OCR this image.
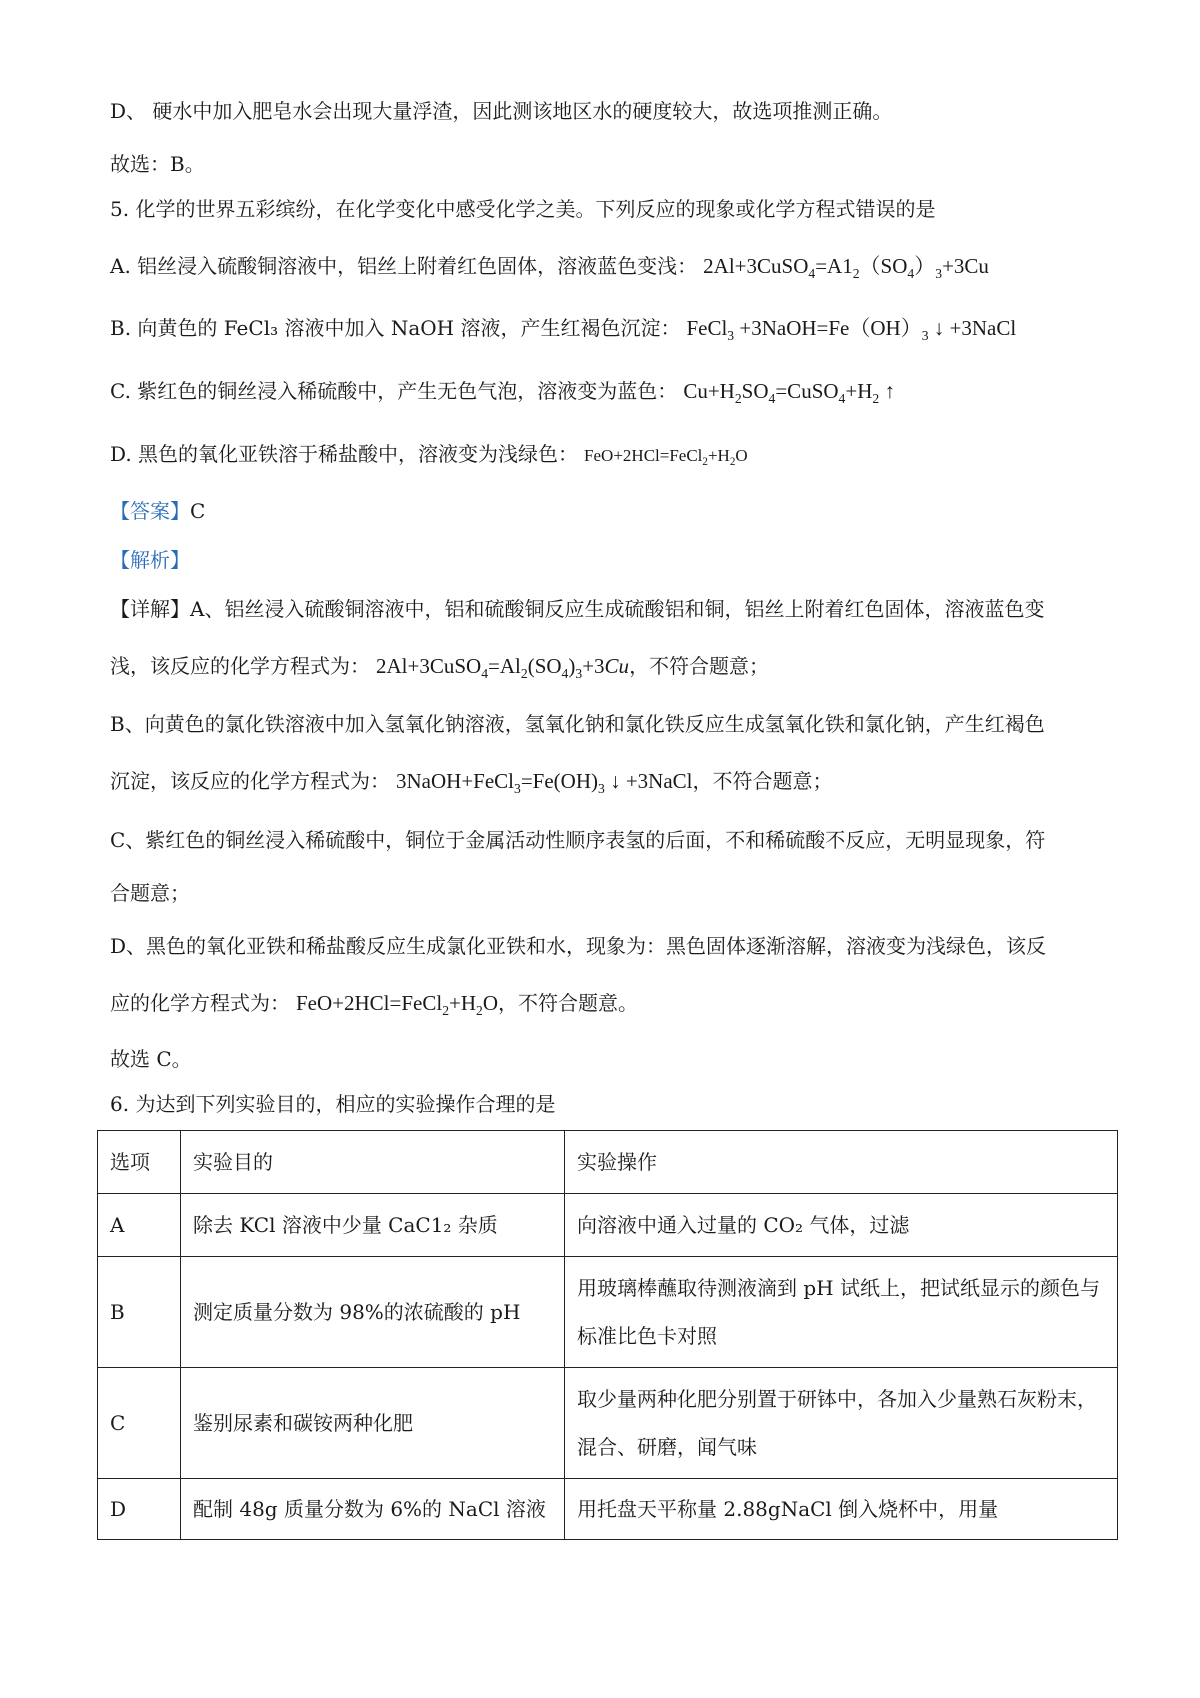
D、 硬水中加入肥皂水会出现大量浮渣，因此测该地区水的硬度较大，故选项推测正确。
故选：B。
5. 化学的世界五彩缤纷，在化学变化中感受化学之美。下列反应的现象或化学方程式错误的是
A. 铝丝浸入硫酸铜溶液中，铝丝上附着红色固体，溶液蓝色变浅： $2Al+3CuSO_4=A1_2(SO_4)_3+3Cu$
B. 向黄色的 FeCl₃ 溶液中加入 NaOH 溶液，产生红褐色沉淀： FeCl$_3$ $+3NaOH=Fe(OH)_3$ ↓ +3NaCl
C. 紫红色的铜丝浸入稀硫酸中，产生无色气泡，溶液变为蓝色： $Cu+H_2SO_4=CuSO_4+H_2$ ↑
D. 黑色的氧化亚铁溶于稀盐酸中，溶液变为浅绿色： $FeO+2HCl=FeCl_2+H_2O$
【答案】C
【解析】
【详解】A、铝丝浸入硫酸铜溶液中，铝和硫酸铜反应生成硫酸铝和铜，铝丝上附着红色固体，溶液蓝色变
浅，该反应的化学方程式为： $2Al+3CuSO_4=Al_2(SO_4)_3+3Cu$，不符合题意；
B、向黄色的氯化铁溶液中加入氢氧化钠溶液，氢氧化钠和氯化铁反应生成氢氧化铁和氯化钠，产生红褐色
沉淀，该反应的化学方程式为： $3NaOH+FeCl_3=Fe(OH)_3$ ↓ +3NaCl，不符合题意；
C、紫红色的铜丝浸入稀硫酸中，铜位于金属活动性顺序表氢的后面，不和稀硫酸不反应，无明显现象，符
合题意；
D、黑色的氧化亚铁和稀盐酸反应生成氯化亚铁和水，现象为：黑色固体逐渐溶解，溶液变为浅绿色，该反
应的化学方程式为： $FeO+2HCl=FeCl_2+H_2O$，不符合题意。
故选 C。
6. 为达到下列实验目的，相应的实验操作合理的是
选项	实验目的	实验操作
A	除去 KCl 溶液中少量 CaC1₂ 杂质	向溶液中通入过量的 CO₂ 气体，过滤
B	测定质量分数为 98%的浓硫酸的 pH	用玻璃棒蘸取待测液滴到 pH 试纸上，把试纸显示的颜色与标准比色卡对照
C	鉴别尿素和碳铵两种化肥	取少量两种化肥分别置于研钵中，各加入少量熟石灰粉末，混合、研磨，闻气味
D	配制 48g 质量分数为 6%的 NaCl 溶液	用托盘天平称量 2.88gNaCl 倒入烧杯中，用量
